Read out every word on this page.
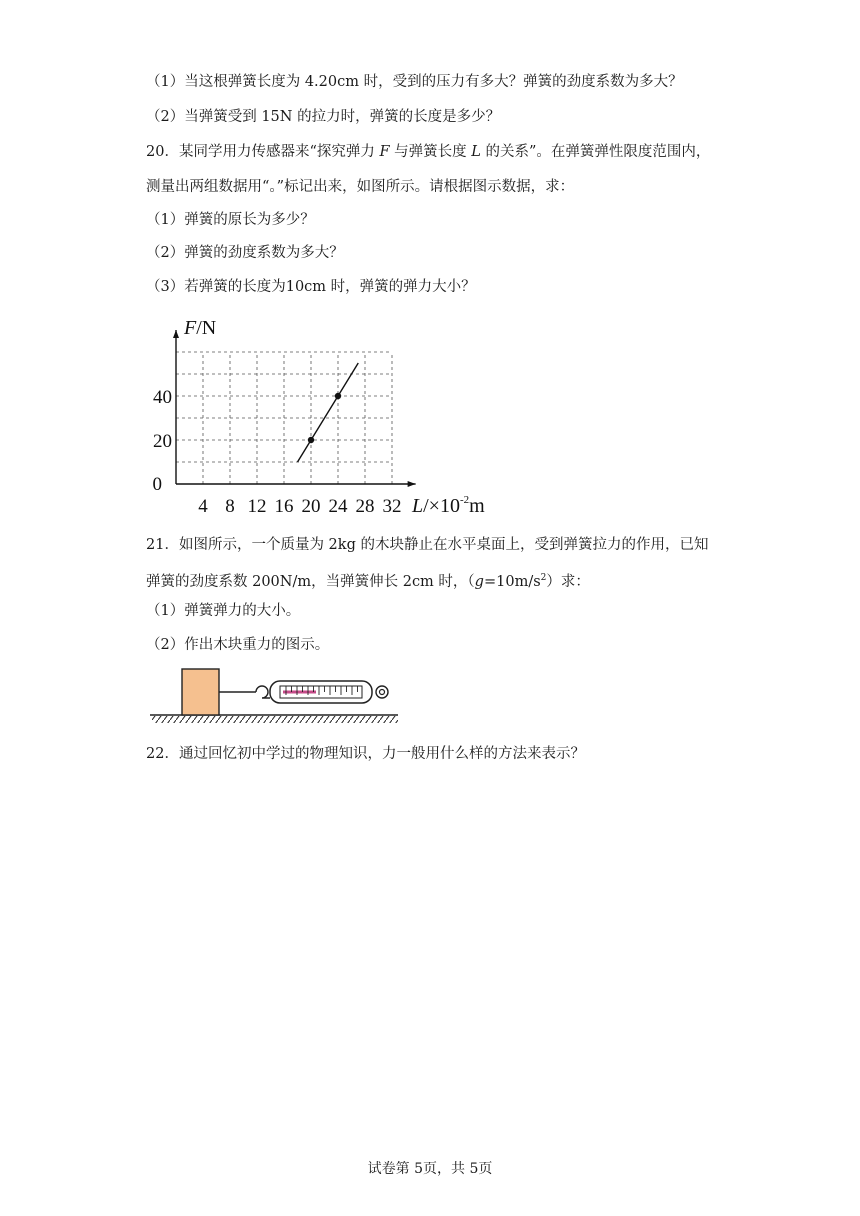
（1）当这根弹簧长度为 4.20cm 时，受到的压力有多大？弹簧的劲度系数为多大？
（2）当弹簧受到 15N 的拉力时，弹簧的长度是多少？
20．某同学用力传感器来“探究弹力 F 与弹簧长度 L 的关系”。在弹簧弹性限度范围内，
测量出两组数据用“。”标记出来，如图所示。请根据图示数据，求：
（1）弹簧的原长为多少？
（2）弹簧的劲度系数为多大？
（3）若弹簧的长度为10cm 时，弹簧的弹力大小？
4 8 12 16 20 24 28 32
20
40
F/N
$L/\times 10^{-2}m$
0
21．如图所示，一个质量为 2kg 的木块静止在水平桌面上，受到弹簧拉力的作用，已知
弹簧的劲度系数 200N/m，当弹簧伸长 2cm 时，$(g=10m/s^2)$求：
（1）弹簧弹力的大小。
（2）作出木块重力的图示。
22．通过回忆初中学过的物理知识，力一般用什么样的方法来表示？
试卷第 5页，共 5页
